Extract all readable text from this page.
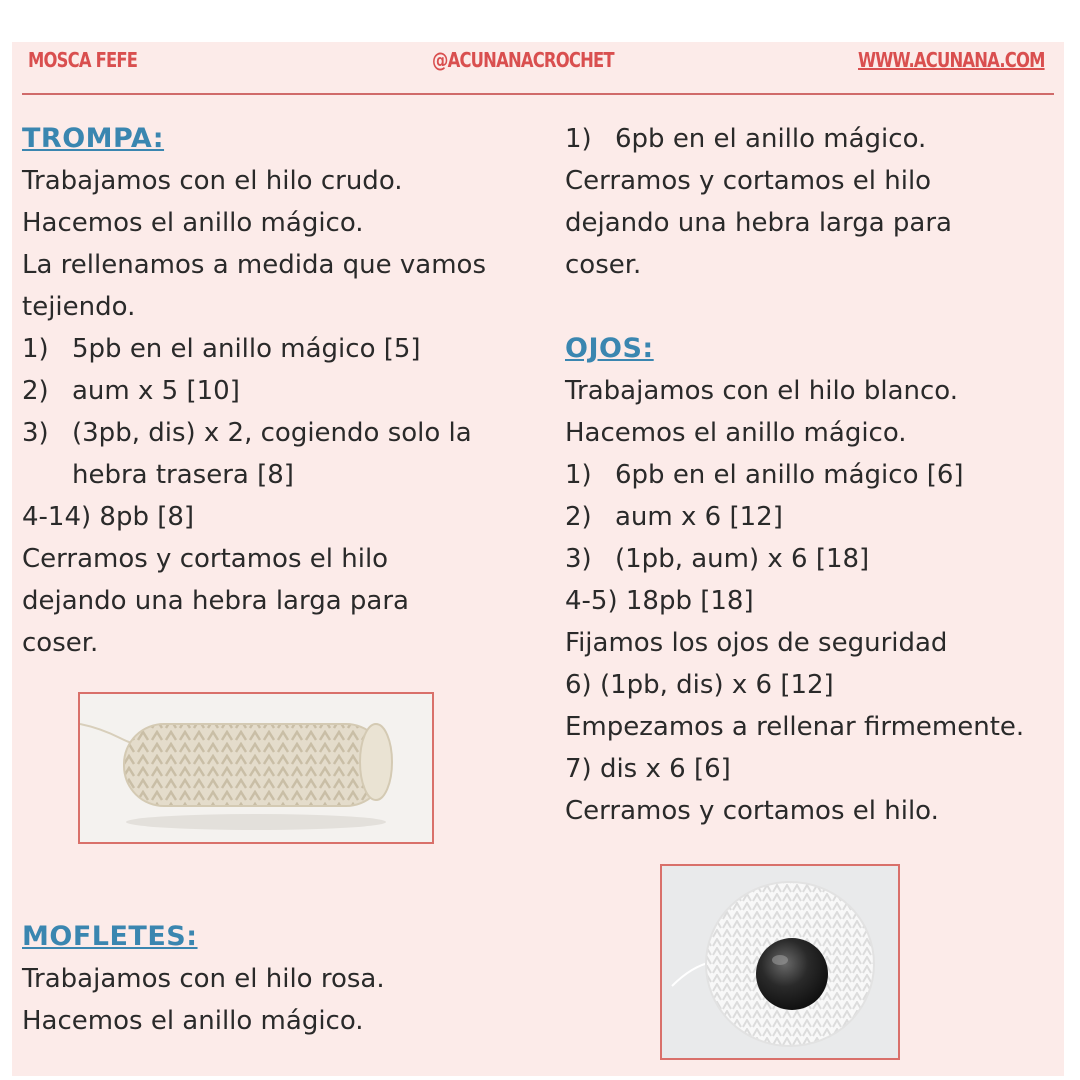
MOSCA FEFE	@ACUNANACROCHET	WWW.ACUNANA.COM
TROMPA:
Trabajamos con el hilo crudo.
Hacemos el anillo mágico.
La rellenamos a medida que vamos
tejiendo.
1) 5pb en el anillo mágico [5]
2) aum x 5 [10]
3) (3pb, dis) x 2, cogiendo solo la
hebra trasera [8]
4-14) 8pb [8]
Cerramos y cortamos el hilo
dejando una hebra larga para
coser.
MOFLETES:
Trabajamos con el hilo rosa.
Hacemos el anillo mágico.
1) 6pb en el anillo mágico.
Cerramos y cortamos el hilo
dejando una hebra larga para
coser.
OJOS:
Trabajamos con el hilo blanco.
Hacemos el anillo mágico.
1) 6pb en el anillo mágico [6]
2) aum x 6 [12]
3) (1pb, aum) x 6 [18]
4-5) 18pb [18]
Fijamos los ojos de seguridad
6) (1pb, dis) x 6 [12]
Empezamos a rellenar firmemente.
7) dis x 6 [6]
Cerramos y cortamos el hilo.
